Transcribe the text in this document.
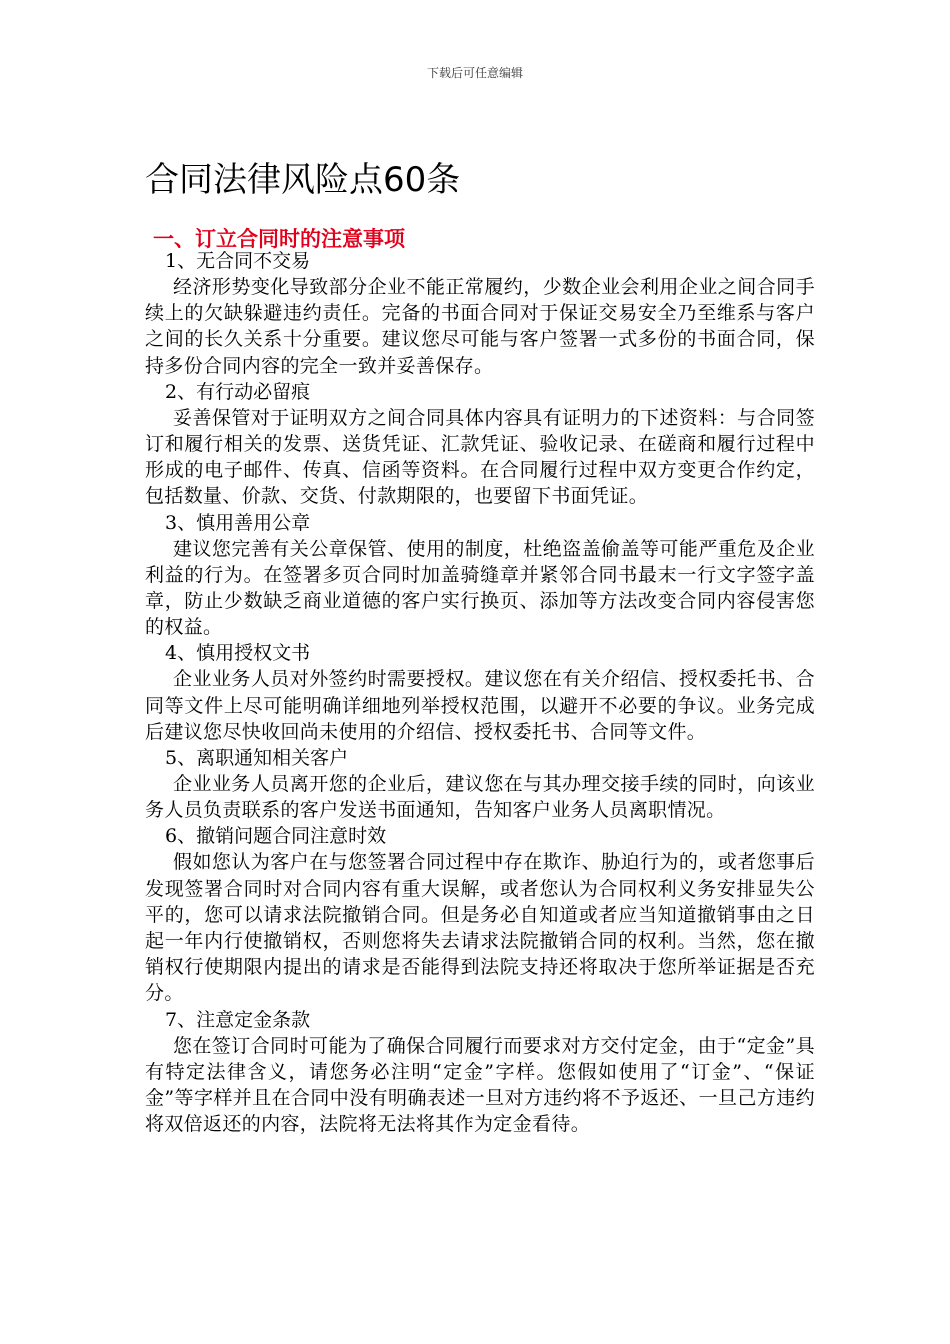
下载后可任意编辑
合同法律风险点60条
一、订立合同时的注意事项
1、无合同不交易

经济形势变化导致部分企业不能正常履约，少数企业会利用企业之间合同手续上的欠缺躲避违约责任。完备的书面合同对于保证交易安全乃至维系与客户之间的长久关系十分重要。建议您尽可能与客户签署一式多份的书面合同，保持多份合同内容的完全一致并妥善保存。

2、有行动必留痕

妥善保管对于证明双方之间合同具体内容具有证明力的下述资料：与合同签订和履行相关的发票、送货凭证、汇款凭证、验收记录、在磋商和履行过程中形成的电子邮件、传真、信函等资料。在合同履行过程中双方变更合作约定，包括数量、价款、交货、付款期限的，也要留下书面凭证。

3、慎用善用公章

建议您完善有关公章保管、使用的制度，杜绝盗盖偷盖等可能严重危及企业利益的行为。在签署多页合同时加盖骑缝章并紧邻合同书最末一行文字签字盖章，防止少数缺乏商业道德的客户实行换页、添加等方法改变合同内容侵害您的权益。

4、慎用授权文书

企业业务人员对外签约时需要授权。建议您在有关介绍信、授权委托书、合同等文件上尽可能明确详细地列举授权范围，以避开不必要的争议。业务完成后建议您尽快收回尚未使用的介绍信、授权委托书、合同等文件。

5、离职通知相关客户

企业业务人员离开您的企业后，建议您在与其办理交接手续的同时，向该业务人员负责联系的客户发送书面通知，告知客户业务人员离职情况。

6、撤销问题合同注意时效

假如您认为客户在与您签署合同过程中存在欺诈、胁迫行为的，或者您事后发现签署合同时对合同内容有重大误解，或者您认为合同权利义务安排显失公平的，您可以请求法院撤销合同。但是务必自知道或者应当知道撤销事由之日起一年内行使撤销权，否则您将失去请求法院撤销合同的权利。当然，您在撤销权行使期限内提出的请求是否能得到法院支持还将取决于您所举证据是否充分。

7、注意定金条款

您在签订合同时可能为了确保合同履行而要求对方交付定金，由于“定金”具有特定法律含义，请您务必注明“定金”字样。您假如使用了“订金”、“保证金”等字样并且在合同中没有明确表述一旦对方违约将不予返还、一旦己方违约将双倍返还的内容，法院将无法将其作为定金看待。
